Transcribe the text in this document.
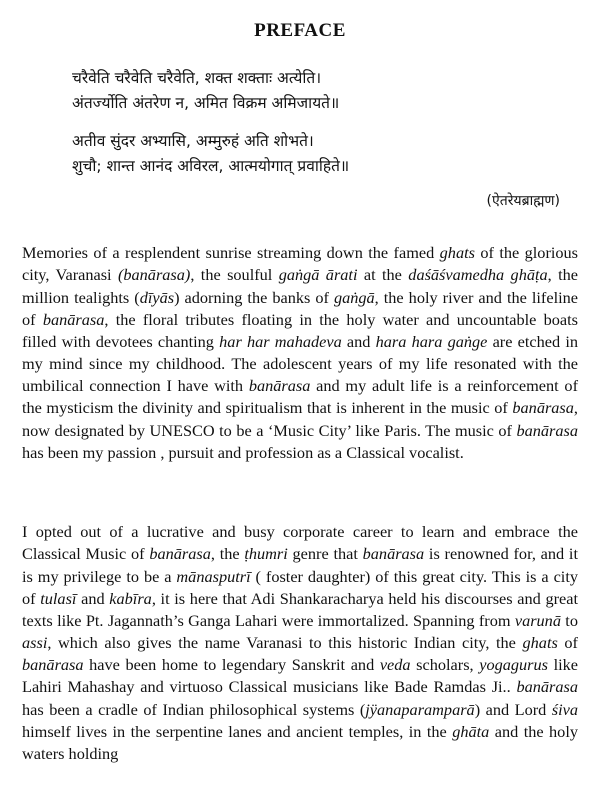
PREFACE
चरैवेति चरैवेति चरैवेति, शक्त शक्ताः अत्येति।
अंतर्ज्योति अंतरेण न, अमित विक्रम अमिजायते॥
अतीव सुंदर अभ्यासि, अम्मुरुहं अति शोभते।
शुचौ; शान्त आनंद अविरल, आत्मयोगात् प्रवाहिते॥
(ऐतरेयब्राह्मण)

Memories of a resplendent sunrise streaming down the famed ghats of the glorious city, Varanasi (banārasa), the soulful gaṅgā ārati at the daśāśvamedha ghāṭa, the million tealights (dīyās) adorning the banks of gaṅgā, the holy river and the lifeline of banārasa, the floral tributes floating in the holy water and uncountable boats filled with devotees chanting har har mahadeva and hara hara gaṅge are etched in my mind since my childhood. The adolescent years of my life resonated with the umbilical connection I have with banārasa and my adult life is a reinforcement of the mysticism the divinity and spiritualism that is inherent in the music of banārasa, now designated by UNESCO to be a ‘Music City’ like Paris. The music of banārasa has been my passion , pursuit and profession as a Classical vocalist.

I opted out of a lucrative and busy corporate career to learn and embrace the Classical Music of banārasa, the ṭhumri genre that banārasa is renowned for, and it is my privilege to be a mānasputrī ( foster daughter) of this great city. This is a city of tulasī and kabīra, it is here that Adi Shankaracharya held his discourses and great texts like Pt. Jagannath’s Ganga Lahari were immortalized. Spanning from varunā to assi, which also gives the name Varanasi to this historic Indian city, the ghats of banārasa have been home to legendary Sanskrit and veda scholars, yogagurus like Lahiri Mahashay and virtuoso Classical musicians like Bade Ramdas Ji.. banārasa has been a cradle of Indian philosophical systems (jÿanaparamparā) and Lord śiva himself lives in the serpentine lanes and ancient temples, in the ghāta and the holy waters holding
